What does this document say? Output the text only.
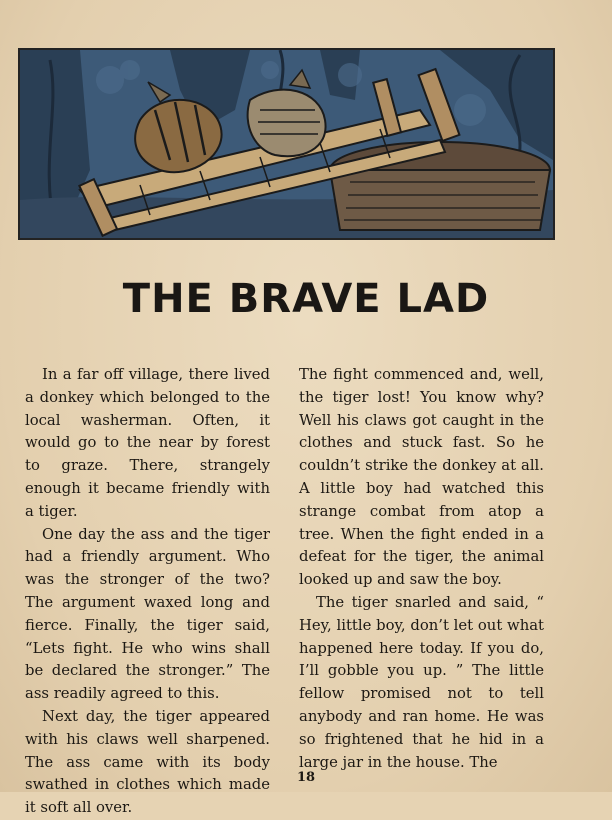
THE BRAVE LAD

In a far off village, there lived a donkey which belonged to the local washerman. Often, it would go to the near by forest to graze. There, strangely enough it became friendly with a tiger.

One day the ass and the tiger had a friendly argument. Who was the stronger of the two? The argument waxed long and fierce. Finally, the tiger said, “Lets fight. He who wins shall be declared the stronger.” The ass readily agreed to this.

Next day, the tiger appeared with his claws well sharpened. The ass came with its body swathed in clothes which made it soft all over.

The fight commenced and, well, the tiger lost! You know why? Well his claws got caught in the clothes and stuck fast. So he couldn’t strike the donkey at all. A little boy had watched this strange combat from atop a tree. When the fight ended in a defeat for the tiger, the animal looked up and saw the boy.

The tiger snarled and said, “ Hey, little boy, don’t let out what happened here today. If you do, I’ll gobble you up. ” The little fellow promised not to tell anybody and ran home. He was so frightened that he hid in a large jar in the house. The

18
